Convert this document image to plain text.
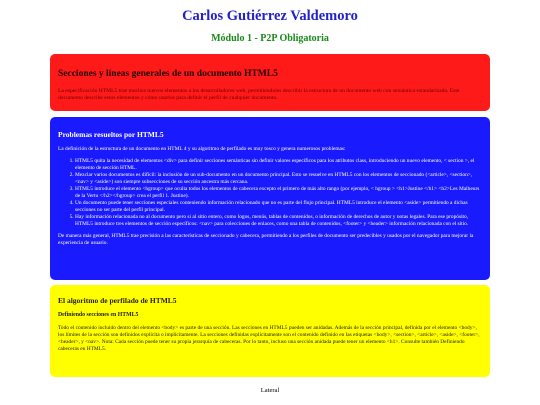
Carlos Gutiérrez Valdemoro
Módulo 1 - P2P Obligatoria
Secciones y líneas generales de un documento HTML5

La especificación HTML5 trae muchos nuevos elementos a los desarrolladores web, permitiéndoles describir la estructura de un documento web con semántica estandarizada. Este documento describe estos elementos y cómo usarlos para definir el perfil de cualquier documento.

Problemas resueltos por HTML5

La definición de la estructura de un documento en HTML 4 y su algoritmo de perfilado es muy tosco y genera numerosos problemas:

1. HTML5 quita la necesidad de elementos <div> para definir secciones semánticas sin definir valores específicos para los atributos class, introduciendo un nuevo elemento, < section >, el elemento de sección HTML.
2. Mezclar varios documentos es difícil: la inclusión de un sub-documento en un documento principal. Esto se resuelve en HTML5 con los elementos de seccionado (<article>, <section>, <nav> y <aside>) son siempre subsecciones de su sección ancestra más cercana.
3. HTML5 introduce el elemento <hgroup> que oculta todos los elementos de cabecera excepto el primero de más alto rango (por ejemplo, < hgroup > <h1>Justine </h1> <h2>Les Malheurs de la Vertu </h2></hgroup> crea el perfil 1. Justine).
4. Un documento puede tener secciones especiales conteniendo información relacionado que no es parte del flujo principal. HTML5 introduce el elemento <aside> permitiendo a dichas secciones no ser parte del perfil principal.
5. Hay información relacionada no al documento pero si al sitio entero, como logos, menús, tablas de contenidos, o información de derechos de autor y notas legales. Para ese propósito, HTML5 introduce tres elementos de sección específicos: <nav> para colecciones de enlaces, como una tabla de contenidos, <footer> y <header> información relacionada con el sitio.

De manera más general, HTML5 trae precisión a las características de seccionado y cabecera, permitiendo a los perfiles de documento ser predecibles y usados por el navegador para mejorar la experiencia de usuario.

El algoritmo de perfilado de HTML5
Definiendo secciones en HTML5

Todo el contenido incluido dentro del elemento <body> es parte de una sección. Las secciones en HTML5 pueden ser anidadas. Además de la sección principal, definida por el elemento <body>, los límites de la sección son definidos explícita o implícitamente. La secciones definidas explícitamente son el contenido definido en las etiquetas <body>, <section>, <article>, <aside>, <footer>, <header>, y <nav>. Nota: Cada sección puede tener su propia jerarquía de cabeceras. Por lo tanto, incluso una sección anidada puede tener un elemento <h1>. Consulte también Definiendo cabeceras en HTML5.

Lateral
